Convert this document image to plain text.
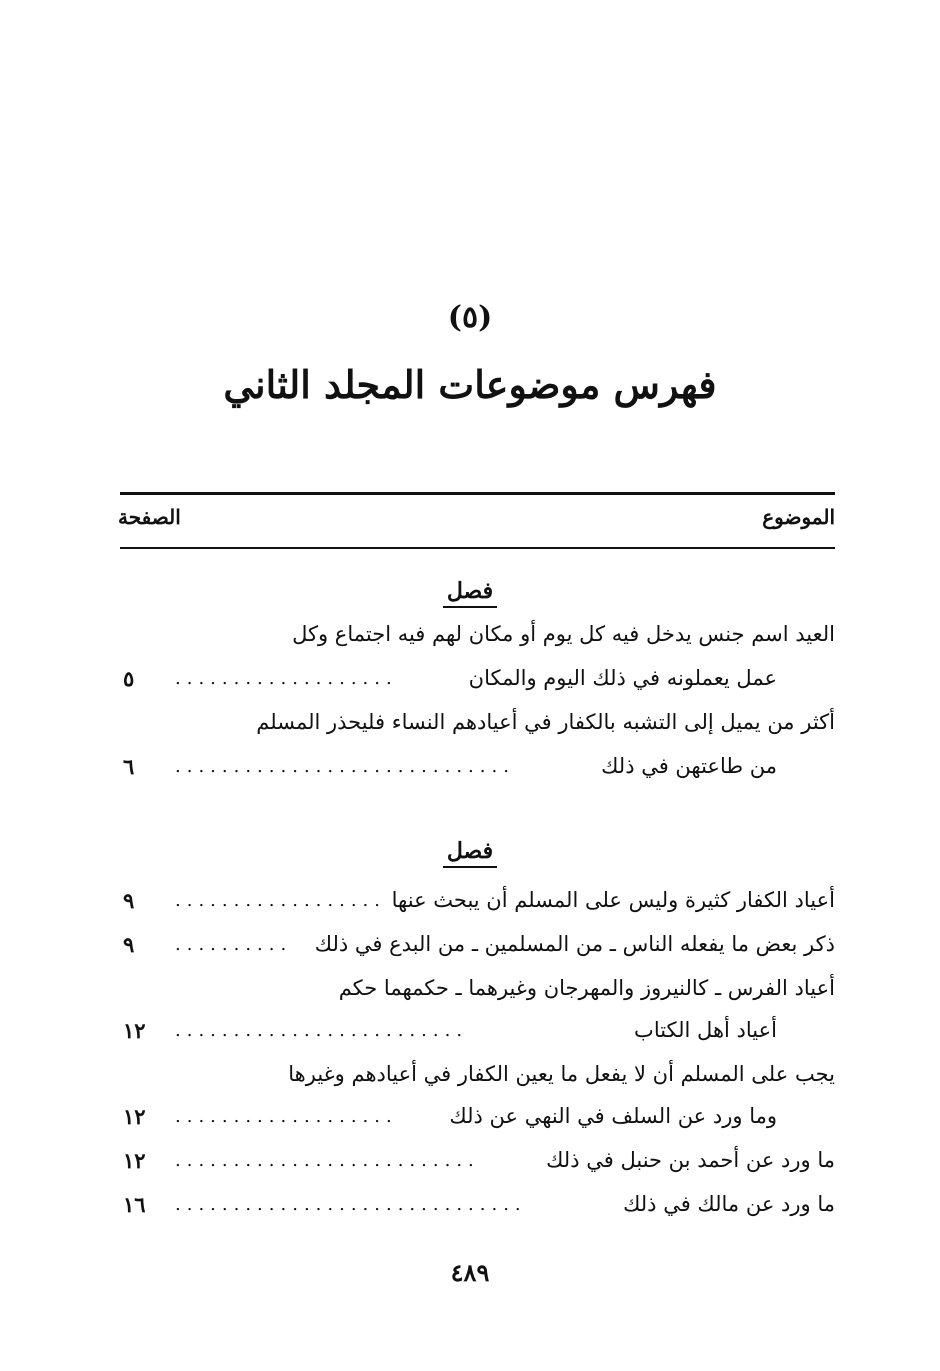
(٥)
فهرس موضوعات المجلد الثاني
الموضوع
الصفحة
فصل
العيد اسم جنس يدخل فيه كل يوم أو مكان لهم فيه اجتماع وكل
عمل يعملونه في ذلك اليوم والمكان
...................
٥
أكثر من يميل إلى التشبه بالكفار في أعيادهم النساء فليحذر المسلم
من طاعتهن في ذلك
.............................
٦
فصل
أعياد الكفار كثيرة وليس على المسلم أن يبحث عنها
..................
٩
ذكر بعض ما يفعله الناس ـ من المسلمين ـ من البدع في ذلك
..........
٩
أعياد الفرس ـ كالنيروز والمهرجان وغيرهما ـ حكمهما حكم
أعياد أهل الكتاب
.........................
١٢
يجب على المسلم أن لا يفعل ما يعين الكفار في أعيادهم وغيرها
وما ورد عن السلف في النهي عن ذلك
...................
١٢
ما ورد عن أحمد بن حنبل في ذلك
..........................
١٢
ما ورد عن مالك في ذلك
..............................
١٦
٤٨٩
